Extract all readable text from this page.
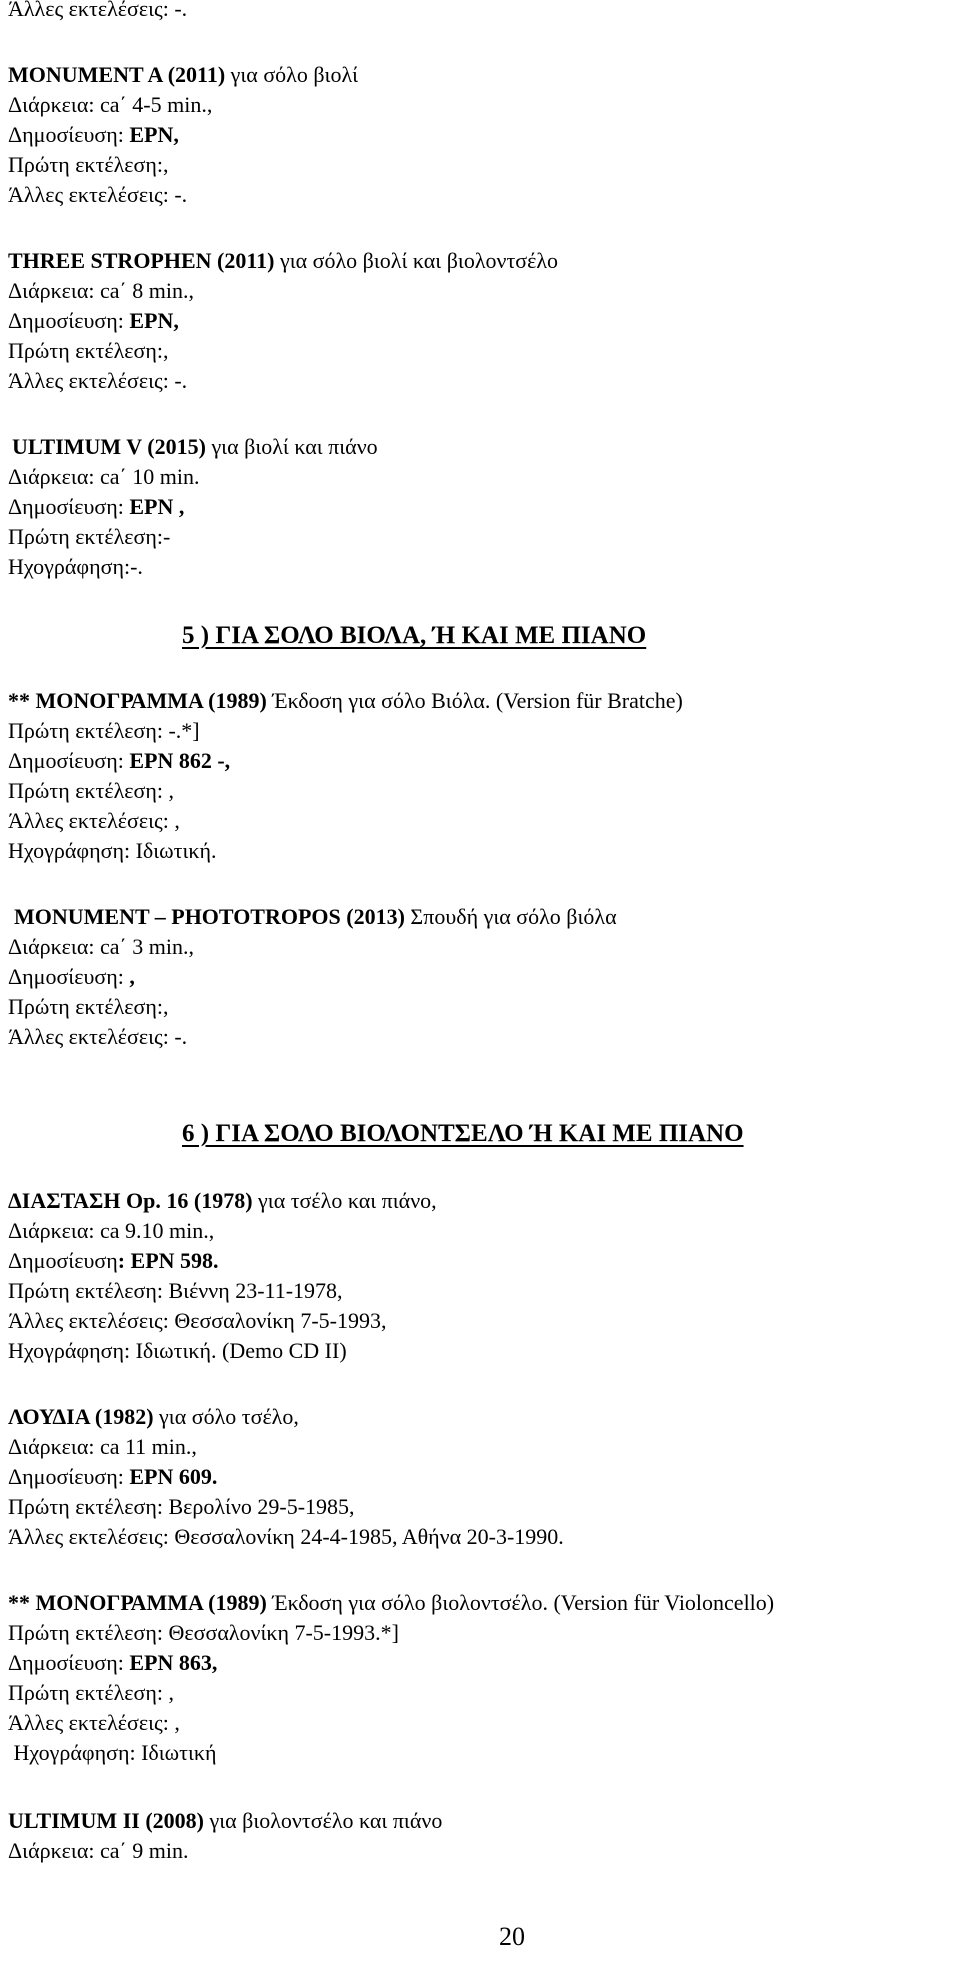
Άλλες εκτελέσεις: -.
MONUMENT A (2011) για σόλο βιολί
Διάρκεια: ca΄ 4-5 min.,
Δημοσίευση: EPN,
Πρώτη εκτέλεση:,
Άλλες εκτελέσεις: -.
THREE STROPHEN (2011) για σόλο βιολί και βιολοντσέλο
Διάρκεια: ca΄ 8 min.,
Δημοσίευση: EPN,
Πρώτη εκτέλεση:,
Άλλες εκτελέσεις: -.
ULTIMUM V (2015) για βιολί και πιάνο
Διάρκεια: ca΄ 10 min.
Δημοσίευση: EPN ,
Πρώτη εκτέλεση:-
Ηχογράφηση:-.
5 ) ΓΙΑ ΣΟΛΟ ΒΙΟΛΑ, Ή ΚΑΙ ΜΕ ΠΙΑΝΟ
** ΜΟΝΟΓΡΑΜΜΑ (1989) Έκδοση για σόλο Βιόλα. (Version für Bratche)
Πρώτη εκτέλεση: -.*]
Δημοσίευση: EPN 862 -,
Πρώτη εκτέλεση: ,
Άλλες εκτελέσεις: ,
Ηχογράφηση: Ιδιωτική.
MONUMENT – PHOTOTROPOS (2013) Σπουδή για σόλο βιόλα
Διάρκεια: ca΄ 3 min.,
Δημοσίευση: ,
Πρώτη εκτέλεση:,
Άλλες εκτελέσεις: -.
6 ) ΓΙΑ ΣΟΛΟ ΒΙΟΛΟΝΤΣΕΛΟ Ή ΚΑΙ ΜΕ ΠΙΑΝΟ
ΔΙΑΣΤΑΣΗ Op. 16 (1978) για τσέλο και πιάνο,
Διάρκεια: ca 9.10 min.,
Δημοσίευση: EPN 598.
Πρώτη εκτέλεση: Βιέννη 23-11-1978,
Άλλες εκτελέσεις: Θεσσαλονίκη 7-5-1993,
Ηχογράφηση: Ιδιωτική. (Demo CD II)
ΛΟΥΔΙΑ (1982) για σόλο τσέλο,
Διάρκεια: ca 11 min.,
Δημοσίευση: EPN 609.
Πρώτη εκτέλεση: Βερολίνο 29-5-1985,
Άλλες εκτελέσεις: Θεσσαλονίκη 24-4-1985, Αθήνα 20-3-1990.
** ΜΟΝΟΓΡΑΜΜΑ (1989) Έκδοση για σόλο βιολοντσέλο. (Version für Violoncello)
Πρώτη εκτέλεση: Θεσσαλονίκη 7-5-1993.*]
Δημοσίευση: EPN 863,
Πρώτη εκτέλεση: ,
Άλλες εκτελέσεις: ,
Ηχογράφηση: Ιδιωτική
ULTIMUM II (2008) για βιολοντσέλο και πιάνο
Διάρκεια: ca΄ 9 min.
20
